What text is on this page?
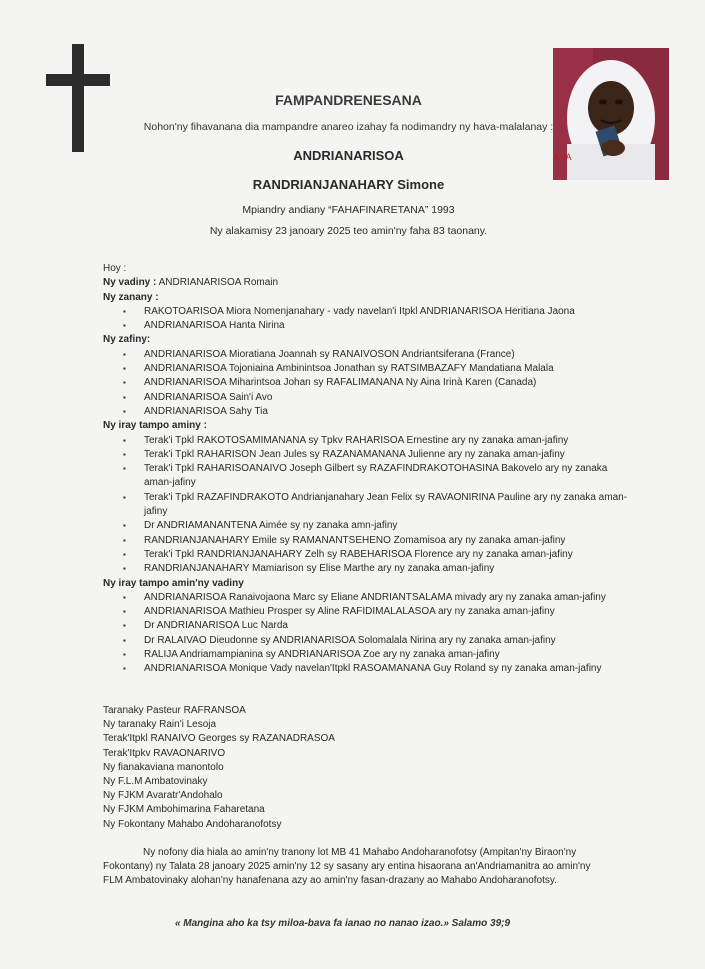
A JA
FAMPANDRENESANA
Nohon'ny fihavanana dia mampandre anareo izahay fa nodimandry ny hava-malalanay :
ANDRIANARISOA
RANDRIANJANAHARY Simone
Mpiandry andiany “FAHAFINARETANA” 1993
Ny alakamisy 23 janoary 2025 teo amin'ny faha 83 taonany.
Hoy :
Ny vadiny : ANDRIANARISOA Romain
Ny zanany :
▪ RAKOTOARISOA Miora Nomenjanahary - vady navelan'i Itpkl ANDRIANARISOA Heritiana Jaona
▪ ANDRIANARISOA Hanta Nirina
Ny zafiny:
▪ ANDRIANARISOA Mioratiana Joannah sy RANAIVOSON Andriantsiferana (France)
▪ ANDRIANARISOA Tojoniaina Ambinintsoa Jonathan sy RATSIMBAZAFY Mandatiana Malala
▪ ANDRIANARISOA Miharintsoa Johan sy RAFALIMANANA Ny Aina Irinà Karen (Canada)
▪ ANDRIANARISOA Sain'i Avo
▪ ANDRIANARISOA Sahy Tia
Ny iray tampo aminy :
▪ Terak'i Tpkl RAKOTOSAMIMANANA sy Tpkv RAHARISOA Ernestine ary ny zanaka aman-jafiny
▪ Terak'i Tpkl RAHARISON Jean Jules sy RAZANAMANANA Julienne ary ny zanaka aman-jafiny
▪ Terak'i Tpkl RAHARISOANAIVO Joseph Gilbert sy RAZAFINDRAKOTOHASINA Bakovelo ary ny zanaka aman-jafiny
▪ Terak'i Tpkl RAZAFINDRAKOTO Andrianjanahary Jean Felix sy RAVAONIRINA Pauline ary ny zanaka aman-jafiny
▪ Dr ANDRIAMANANTENA Aimée sy ny zanaka amn-jafiny
▪ RANDRIANJANAHARY Emile sy RAMANANTSEHENO Zomamisoa ary ny zanaka aman-jafiny
▪ Terak'i Tpkl RANDRIANJANAHARY Zelh sy RABEHARISOA Florence ary ny zanaka aman-jafiny
▪ RANDRIANJANAHARY Mamiarison sy Elise Marthe ary ny zanaka aman-jafiny
Ny iray tampo amin'ny vadiny
▪ ANDRIANARISOA Ranaivojaona Marc sy Eliane ANDRIANTSALAMA mivady ary ny zanaka aman-jafiny
▪ ANDRIANARISOA Mathieu Prosper sy Aline RAFIDIMALALASOA ary ny zanaka aman-jafiny
▪ Dr ANDRIANARISOA Luc Narda
▪ Dr RALAIVAO Dieudonne sy ANDRIANARISOA Solomalala Nirina ary ny zanaka aman-jafiny
▪ RALIJA Andriamampianina sy ANDRIANARISOA Zoe ary ny zanaka aman-jafiny
▪ ANDRIANARISOA Monique Vady navelan'Itpkl RASOAMANANA Guy Roland sy ny zanaka aman-jafiny
Taranaky Pasteur RAFRANSOA
Ny taranaky Rain'i Lesoja
Terak'Itpkl RANAIVO Georges sy RAZANADRASOA
Terak'Itpkv RAVAONARIVO
Ny fianakaviana manontolo
Ny F.L.M Ambatovinaky
Ny FJKM Avaratr'Andohalo
Ny FJKM Ambohimarina Faharetana
Ny Fokontany Mahabo Andoharanofotsy
Ny nofony dia hiala ao amin'ny tranony lot MB 41 Mahabo Andoharanofotsy (Ampitan'ny Biraon'ny Fokontany) ny Talata 28 janoary 2025 amin'ny 12 sy sasany ary entina hisaorana an'Andriamanitra ao amin'ny FLM Ambatovinaky alohan'ny hanafenana azy ao amin'ny fasan-drazany ao Mahabo Andoharanofotsy.
« Mangina aho ka tsy miloa-bava fa ianao no nanao izao.» Salamo 39;9
